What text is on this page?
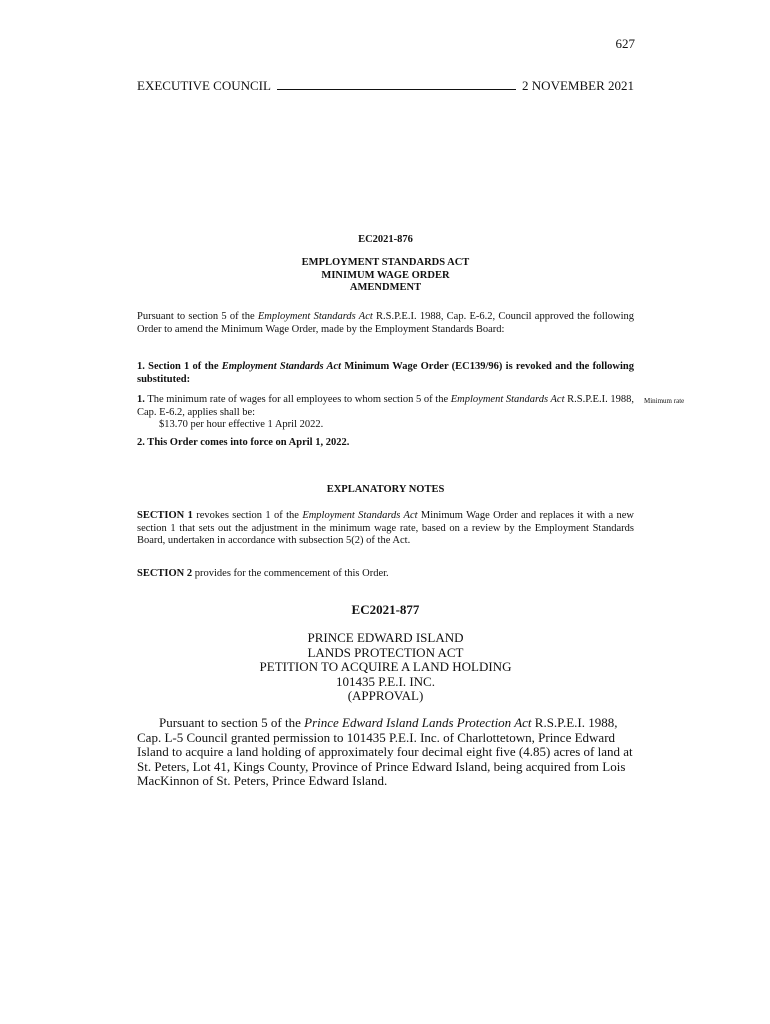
627
EXECUTIVE COUNCIL	2 NOVEMBER 2021
EC2021-876
EMPLOYMENT STANDARDS ACT
MINIMUM WAGE ORDER
AMENDMENT
Pursuant to section 5 of the Employment Standards Act R.S.P.E.I. 1988, Cap. E-6.2, Council approved the following Order to amend the Minimum Wage Order, made by the Employment Standards Board:
1. Section 1 of the Employment Standards Act Minimum Wage Order (EC139/96) is revoked and the following substituted:
1. The minimum rate of wages for all employees to whom section 5 of the Employment Standards Act R.S.P.E.I. 1988, Cap. E-6.2, applies shall be:
$13.70 per hour effective 1 April 2022.
Minimum rate
2. This Order comes into force on April 1, 2022.
EXPLANATORY NOTES
SECTION 1 revokes section 1 of the Employment Standards Act Minimum Wage Order and replaces it with a new section 1 that sets out the adjustment in the minimum wage rate, based on a review by the Employment Standards Board, undertaken in accordance with subsection 5(2) of the Act.
SECTION 2 provides for the commencement of this Order.
EC2021-877
PRINCE EDWARD ISLAND
LANDS PROTECTION ACT
PETITION TO ACQUIRE A LAND HOLDING
101435 P.E.I. INC.
(APPROVAL)
Pursuant to section 5 of the Prince Edward Island Lands Protection Act R.S.P.E.I. 1988, Cap. L-5 Council granted permission to 101435 P.E.I. Inc. of Charlottetown, Prince Edward Island to acquire a land holding of approximately four decimal eight five (4.85) acres of land at St. Peters, Lot 41, Kings County, Province of Prince Edward Island, being acquired from Lois MacKinnon of St. Peters, Prince Edward Island.
